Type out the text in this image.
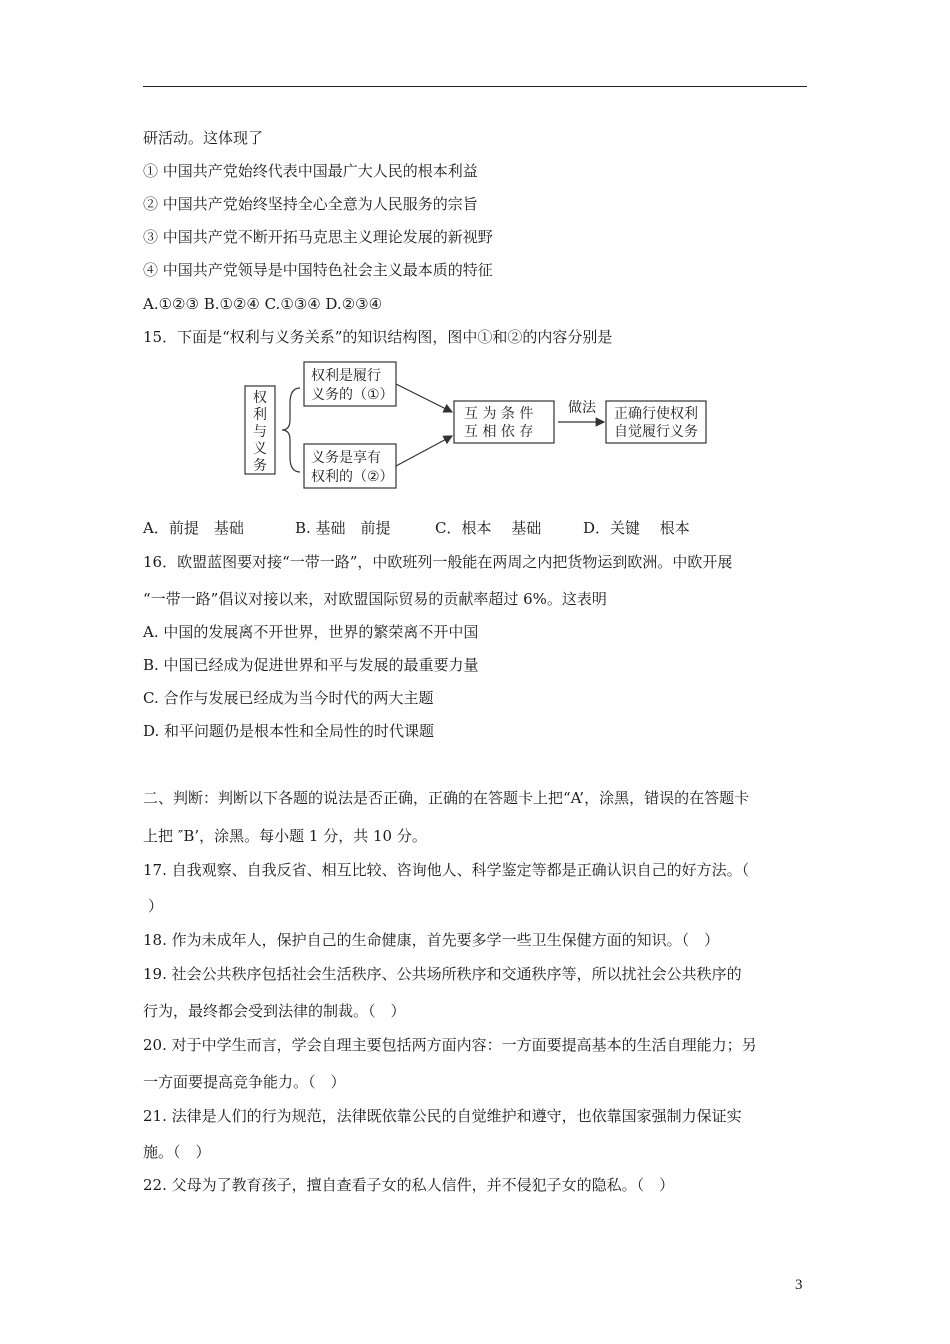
研活动。这体现了
① 中国共产党始终代表中国最广大人民的根本利益
② 中国共产党始终坚持全心全意为人民服务的宗旨
③ 中国共产党不断开拓马克思主义理论发展的新视野
④ 中国共产党领导是中国特色社会主义最本质的特征
A.①②③ B.①②④ C.①③④ D.②③④
15．下面是“权利与义务关系”的知识结构图，图中①和②的内容分别是
权
利
与
义
务
权利是履行
义务的（①）
义务是享有
权利的（②）
互 为 条 件
互 相 依 存
做法 正确行使权利
自觉履行义务
A．前提　基础	B. 基础　前提	C．根本　 基础	D．关键　 根本
16．欧盟蓝图要对接“一带一路”，中欧班列一般能在两周之内把货物运到欧洲。中欧开展
“一带一路”倡议对接以来，对欧盟国际贸易的贡献率超过 6%。这表明
A. 中国的发展离不开世界，世界的繁荣离不开中国
B. 中国已经成为促进世界和平与发展的最重要力量
C. 合作与发展已经成为当今时代的两大主题
D. 和平问题仍是根本性和全局性的时代课题
二、判断：判断以下各题的说法是否正确，正确的在答题卡上把“A’，涂黑，错误的在答题卡
上把 ″B’，涂黑。每小题 1 分，共 10 分。
17. 自我观察、自我反省、相互比较、咨询他人、科学鉴定等都是正确认识自己的好方法。（
）
18. 作为未成年人，保护自己的生命健康，首先要多学一些卫生保健方面的知识。（　）
19. 社会公共秩序包括社会生活秩序、公共场所秩序和交通秩序等，所以扰社会公共秩序的
行为，最终都会受到法律的制裁。（　）
20. 对于中学生而言，学会自理主要包括两方面内容：一方面要提高基本的生活自理能力；另
一方面要提高竞争能力。（　）
21. 法律是人们的行为规范，法律既依靠公民的自觉维护和遵守，也依靠国家强制力保证实
施。（　）
22. 父母为了教育孩子，擅自查看子女的私人信件，并不侵犯子女的隐私。（　）
3
